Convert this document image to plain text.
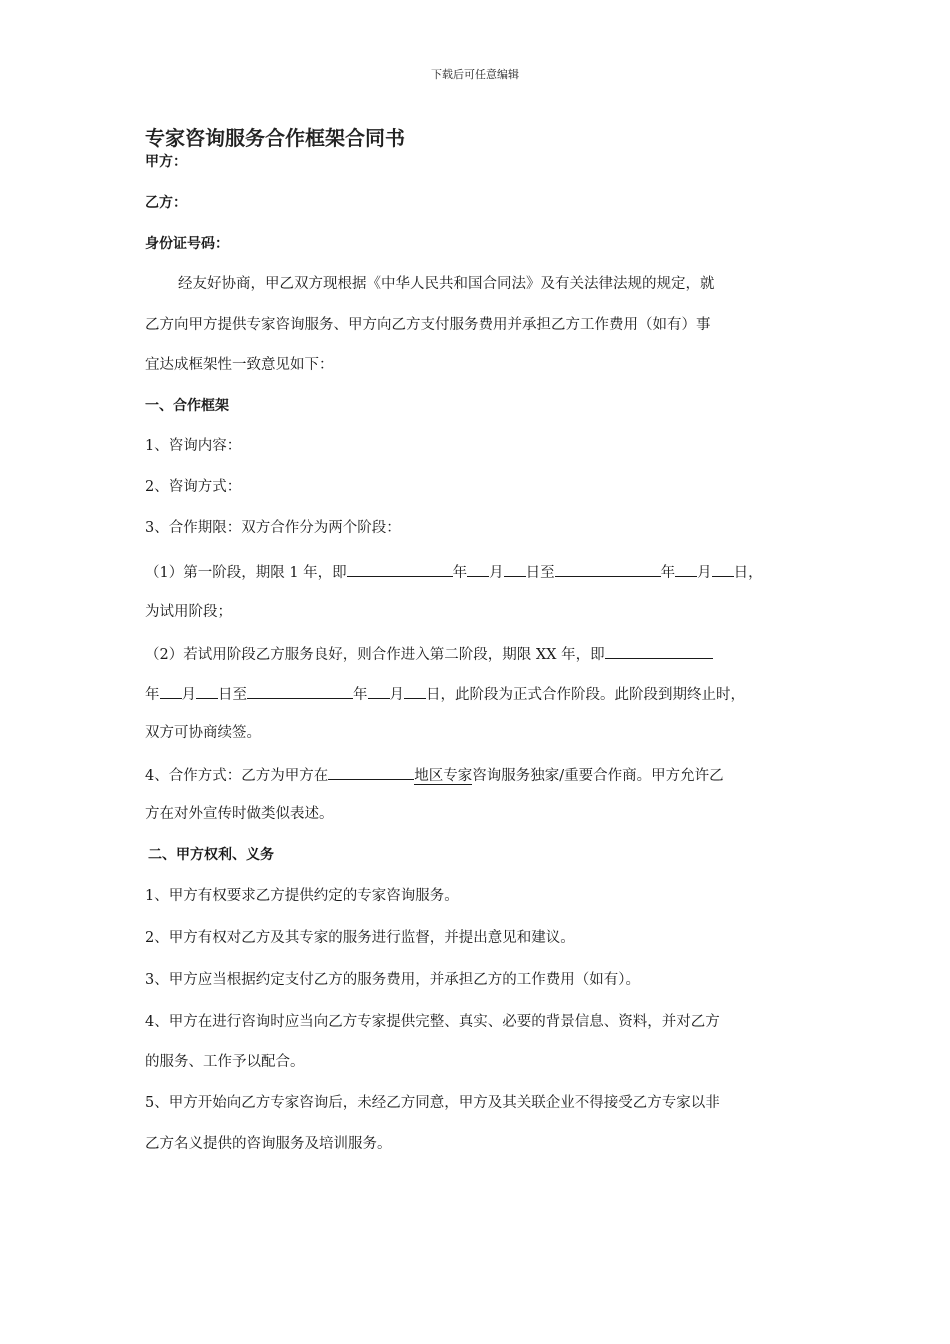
下载后可任意编辑
专家咨询服务合作框架合同书
甲方：
乙方：
身份证号码：
经友好协商，甲乙双方现根据《中华人民共和国合同法》及有关法律法规的规定，就
乙方向甲方提供专家咨询服务、甲方向乙方支付服务费用并承担乙方工作费用（如有）事
宜达成框架性一致意见如下：
一、合作框架
1、咨询内容：
2、咨询方式：
3、合作期限：双方合作分为两个阶段：
（1）第一阶段，期限 1 年，即	年 月 日至	年 月 日，
为试用阶段；
（2）若试用阶段乙方服务良好，则合作进入第二阶段，期限 XX 年，即
年 月 日至	年 月 日，此阶段为正式合作阶段。此阶段到期终止时，
双方可协商续签。
4、合作方式：乙方为甲方在	地区专家咨询服务独家/重要合作商。甲方允许乙
方在对外宣传时做类似表述。
二、甲方权利、义务
1、甲方有权要求乙方提供约定的专家咨询服务。
2、甲方有权对乙方及其专家的服务进行监督，并提出意见和建议。
3、甲方应当根据约定支付乙方的服务费用，并承担乙方的工作费用（如有）。
4、甲方在进行咨询时应当向乙方专家提供完整、真实、必要的背景信息、资料，并对乙方
的服务、工作予以配合。
5、甲方开始向乙方专家咨询后，未经乙方同意，甲方及其关联企业不得接受乙方专家以非
乙方名义提供的咨询服务及培训服务。
